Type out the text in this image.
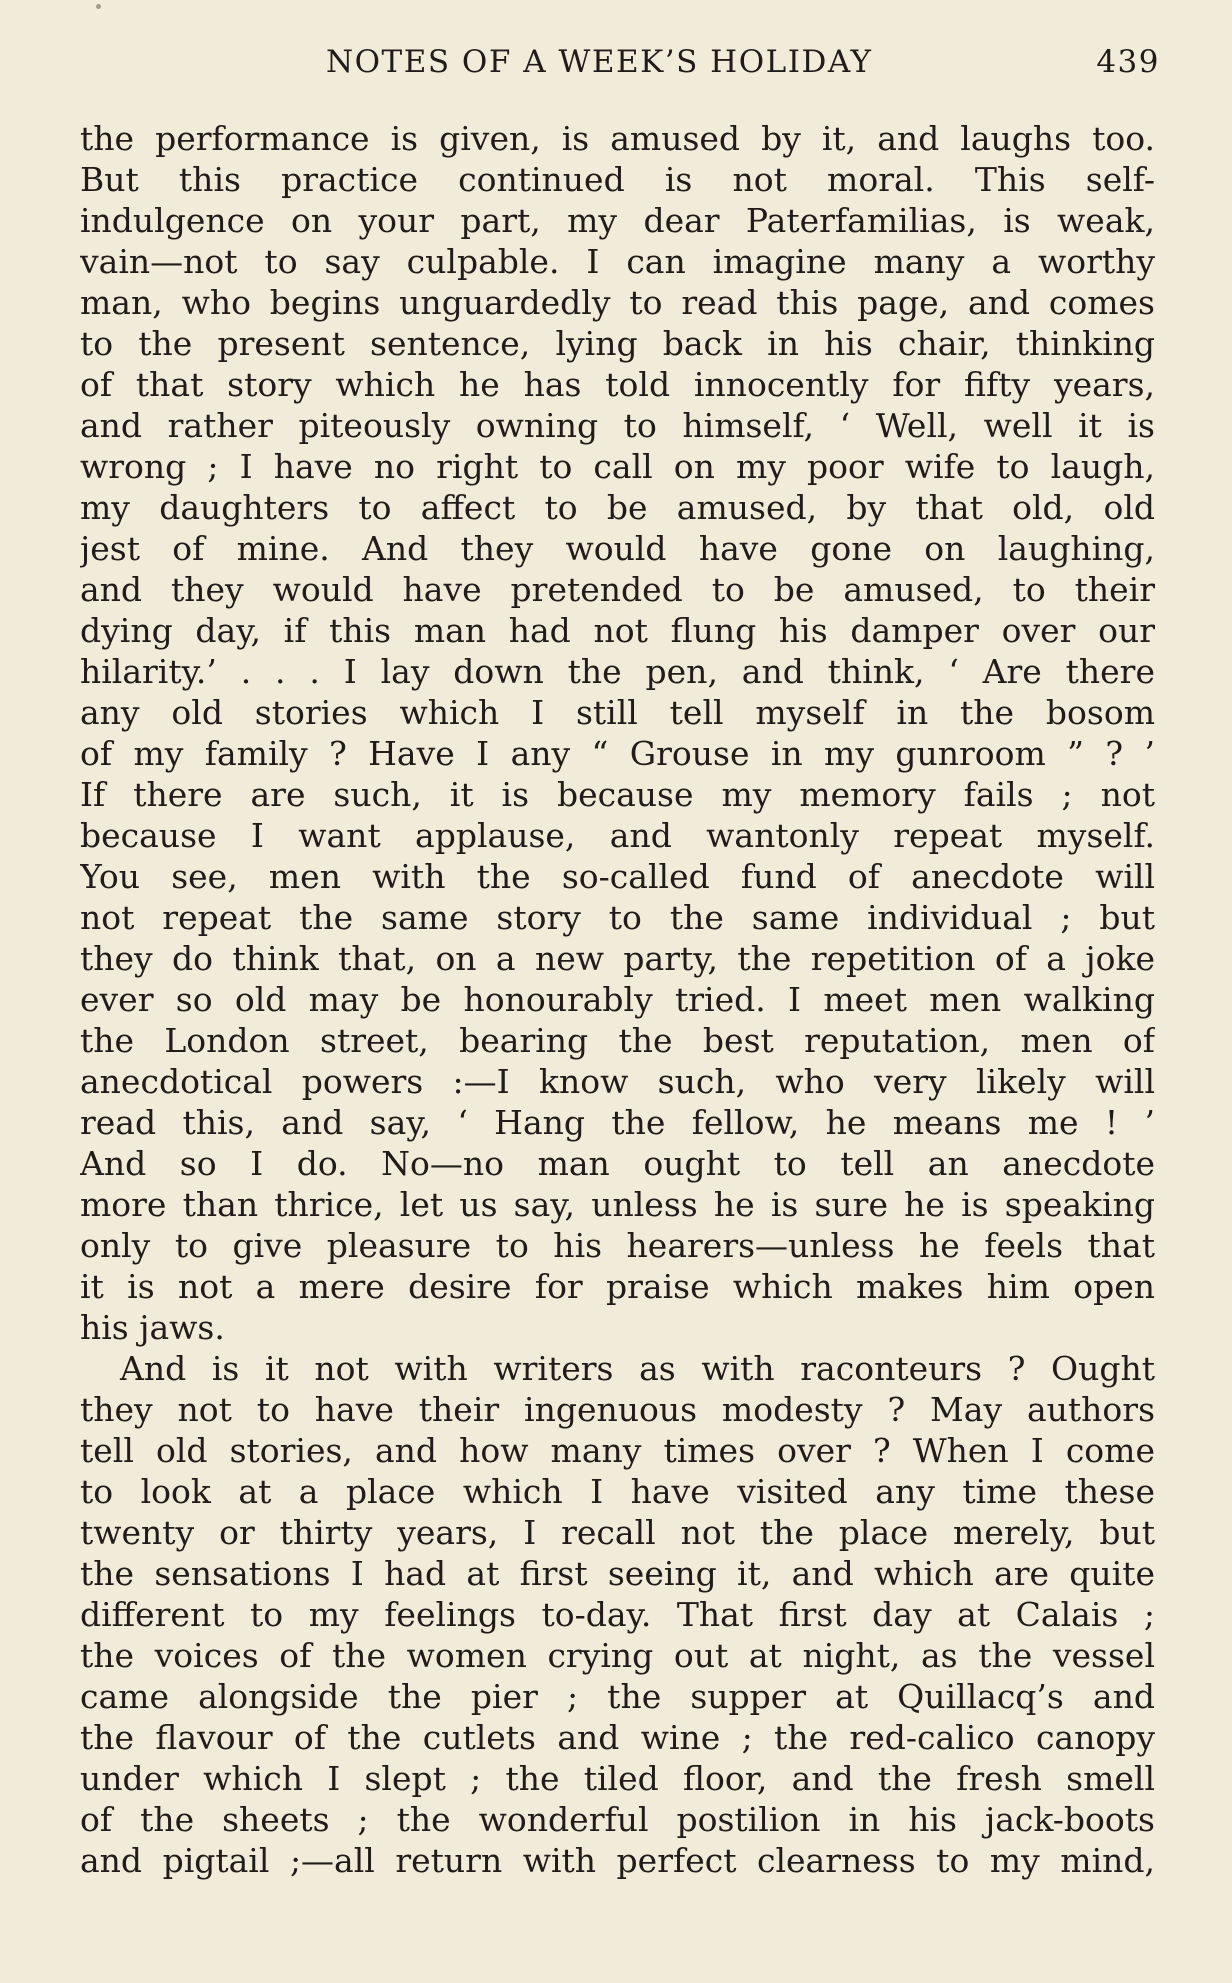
NOTES OF A WEEK’S HOLIDAY	439
the performance is given, is amused by it, and laughs too.
But this practice continued is not moral. This self-
indulgence on your part, my dear Paterfamilias, is weak,
vain—not to say culpable. I can imagine many a worthy
man, who begins unguardedly to read this page, and comes
to the present sentence, lying back in his chair, thinking
of that story which he has told innocently for fifty years,
and rather piteously owning to himself, ‘ Well, well it is
wrong ; I have no right to call on my poor wife to laugh,
my daughters to affect to be amused, by that old, old
jest of mine. And they would have gone on laughing,
and they would have pretended to be amused, to their
dying day, if this man had not flung his damper over our
hilarity.’ . . . I lay down the pen, and think, ‘ Are there
any old stories which I still tell myself in the bosom
of my family ? Have I any “ Grouse in my gunroom ” ? ’
If there are such, it is because my memory fails ; not
because I want applause, and wantonly repeat myself.
You see, men with the so-called fund of anecdote will
not repeat the same story to the same individual ; but
they do think that, on a new party, the repetition of a joke
ever so old may be honourably tried. I meet men walking
the London street, bearing the best reputation, men of
anecdotical powers :—I know such, who very likely will
read this, and say, ‘ Hang the fellow, he means me ! ’
And so I do. No—no man ought to tell an anecdote
more than thrice, let us say, unless he is sure he is speaking
only to give pleasure to his hearers—unless he feels that
it is not a mere desire for praise which makes him open
his jaws.
And is it not with writers as with raconteurs ? Ought
they not to have their ingenuous modesty ? May authors
tell old stories, and how many times over ? When I come
to look at a place which I have visited any time these
twenty or thirty years, I recall not the place merely, but
the sensations I had at first seeing it, and which are quite
different to my feelings to-day. That first day at Calais ;
the voices of the women crying out at night, as the vessel
came alongside the pier ; the supper at Quillacq’s and
the flavour of the cutlets and wine ; the red-calico canopy
under which I slept ; the tiled floor, and the fresh smell
of the sheets ; the wonderful postilion in his jack-boots
and pigtail ;—all return with perfect clearness to my mind,
